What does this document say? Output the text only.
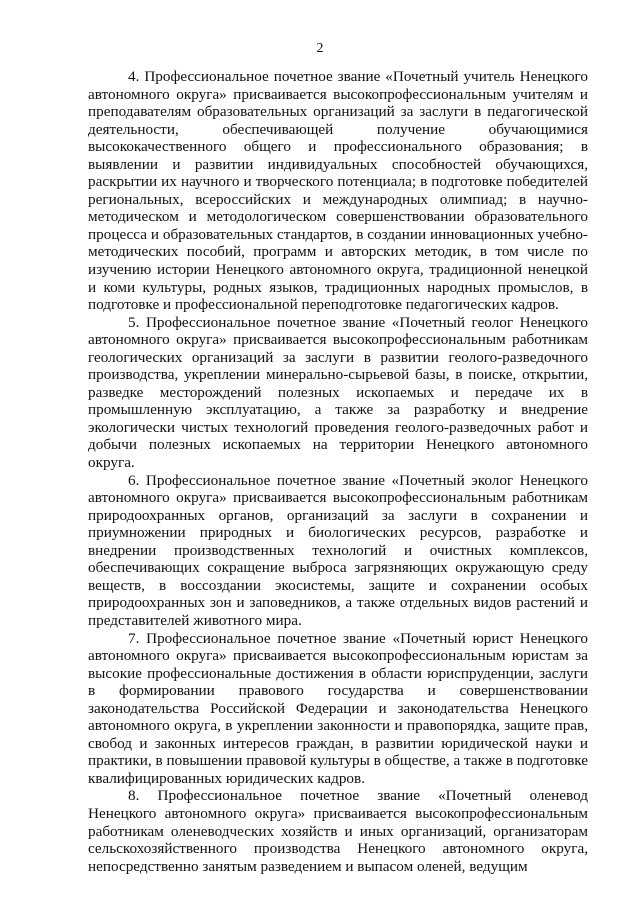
2

4. Профессиональное почетное звание «Почетный учитель Ненецкого автономного округа» присваивается высокопрофессиональным учителям и преподавателям образовательных организаций за заслуги в педагогической деятельности, обеспечивающей получение обучающимися высококачественного общего и профессионального образования; в выявлении и развитии индивидуальных способностей обучающихся, раскрытии их научного и творческого потенциала; в подготовке победителей региональных, всероссийских и международных олимпиад; в научно-методическом и методологическом совершенствовании образовательного процесса и образовательных стандартов, в создании инновационных учебно-методических пособий, программ и авторских методик, в том числе по изучению истории Ненецкого автономного округа, традиционной ненецкой и коми культуры, родных языков, традиционных народных промыслов, в подготовке и профессиональной переподготовке педагогических кадров.

5. Профессиональное почетное звание «Почетный геолог Ненецкого автономного округа» присваивается высокопрофессиональным работникам геологических организаций за заслуги в развитии геолого-разведочного производства, укреплении минерально-сырьевой базы, в поиске, открытии, разведке месторождений полезных ископаемых и передаче их в промышленную эксплуатацию, а также за разработку и внедрение экологически чистых технологий проведения геолого-разведочных работ и добычи полезных ископаемых на территории Ненецкого автономного округа.

6. Профессиональное почетное звание «Почетный эколог Ненецкого автономного округа» присваивается высокопрофессиональным работникам природоохранных органов, организаций за заслуги в сохранении и приумножении природных и биологических ресурсов, разработке и внедрении производственных технологий и очистных комплексов, обеспечивающих сокращение выброса загрязняющих окружающую среду веществ, в воссоздании экосистемы, защите и сохранении особых природоохранных зон и заповедников, а также отдельных видов растений и представителей животного мира.

7. Профессиональное почетное звание «Почетный юрист Ненецкого автономного округа» присваивается высокопрофессиональным юристам за высокие профессиональные достижения в области юриспруденции, заслуги в формировании правового государства и совершенствовании законодательства Российской Федерации и законодательства Ненецкого автономного округа, в укреплении законности и правопорядка, защите прав, свобод и законных интересов граждан, в развитии юридической науки и практики, в повышении правовой культуры в обществе, а также в подготовке квалифицированных юридических кадров.

8. Профессиональное почетное звание «Почетный оленевод Ненецкого автономного округа» присваивается высокопрофессиональным работникам оленеводческих хозяйств и иных организаций, организаторам сельскохозяйственного производства Ненецкого автономного округа, непосредственно занятым разведением и выпасом оленей, ведущим
